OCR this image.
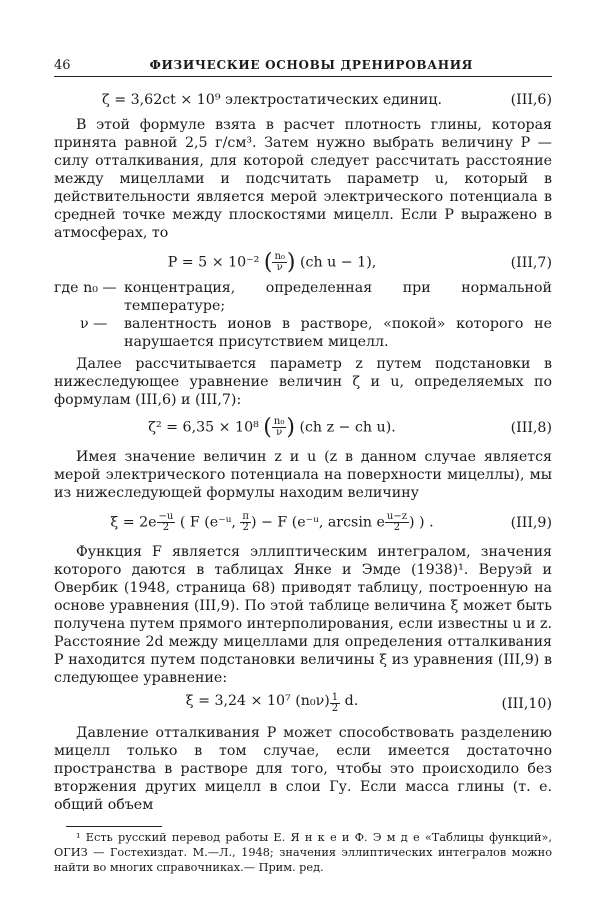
46	ФИЗИЧЕСКИЕ ОСНОВЫ ДРЕНИРОВАНИЯ
ζ = 3,62ct × 10⁹ электростатических единиц.	(III,6)

В этой формуле взята в расчет плотность глины, которая принята равной 2,5 г/см³. Затем нужно выбрать величину P — силу отталкивания, для которой следует рассчитать расстояние между мицеллами и подсчитать параметр u, который в действительности является мерой электрического потенциала в средней точке между плоскостями мицелл. Если P выражено в атмосферах, то

P = 5 × 10⁻² ( $\frac{\text{n₀}}{\nu}$ ) (ch u − 1),	(III,7)
где n₀ — концентрация, определенная при нормальной температуре;
ν —	валентность ионов в растворе, «покой» которого не нарушается присутствием мицелл.

Далее рассчитывается параметр z путем подстановки в нижеследующее уравнение величин ζ и u, определяемых по формулам (III,6) и (III,7):

ζ² = 6,35 × 10⁸ ( $\frac{\text{n₀}}{\nu}$ ) (ch z − ch u).	(III,8)

Имея значение величин z и u (z в данном случае является мерой электрического потенциала на поверхности мицеллы), мы из нижеследующей формулы находим величину

$\xi = 2e \frac{-u}{2}$ ( F (e⁻ᵘ, $\frac{\pi}{2}$ ) − F (e⁻ᵘ, arcsin e $\frac{u-z}{2}$ ) ) .	(III,9)

Функция F является эллиптическим интегралом, значения которого даются в таблицах Янке и Эмде (1938)¹. Веруэй и Овербик (1948, страница 68) приводят таблицу, построенную на основе уравнения (III,9). По этой таблице величина ξ может быть получена путем прямого интерполирования, если известны u и z. Расстояние 2d между мицеллами для определения отталкивания P находится путем подстановки величины ξ из уравнения (III,9) в следующее уравнение:

ξ = 3,24 × 10⁷ $(n_0\nu) \frac{1}{2} d$.	(III,10)

Давление отталкивания P может способствовать разделению мицелл только в том случае, если имеется достаточно пространства в растворе для того, чтобы это происходило без вторжения других мицелл в слои Гу. Если масса глины (т. е. общий объем

¹ Есть русский перевод работы Е. Я н к е и Ф. Э м д е «Таблицы функций», ОГИЗ — Гостехиздат. М.—Л., 1948; значения эллиптических интегралов можно найти во многих справочниках.— Прим. ред.
